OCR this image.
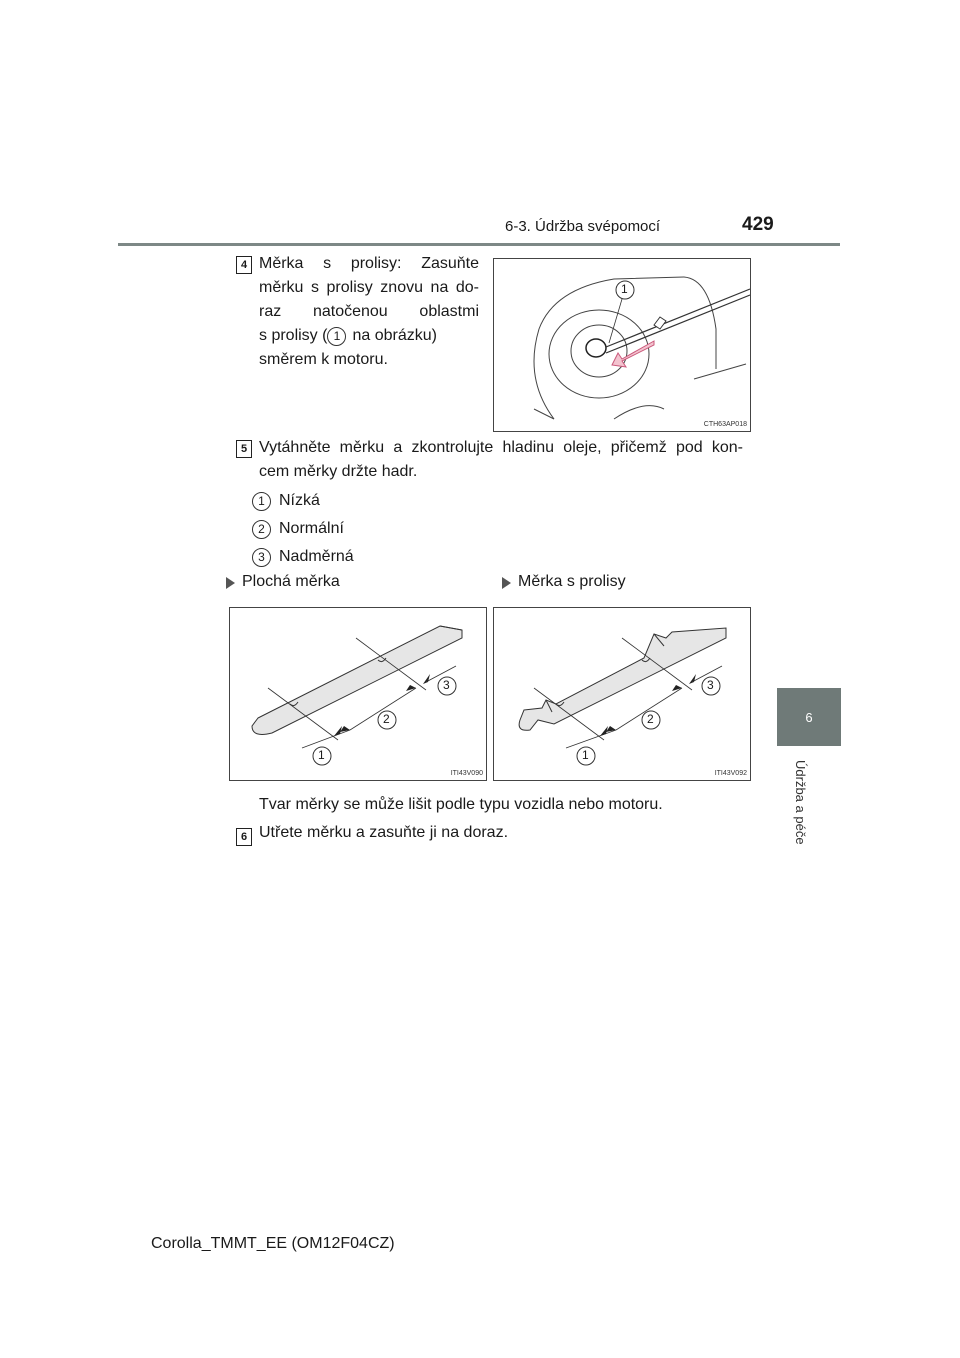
6-3. Údržba svépomocí	429
6
Údržba a péče
4 Měrka s prolisy: Zasuňte
měrku s prolisy znovu na do-
raz natočenou oblastmi
s prolisy ( 1 na obrázku)
směrem k motoru.
1
CTH63AP018
5 Vytáhněte měrku a zkontrolujte hladinu oleje, přičemž pod kon-
cem měrky držte hadr.
1 Nízká
2 Normální
3 Nadměrná
Plochá měrka	Měrka s prolisy
1
2
3
ITI43V090
1
2
3
ITI43V092
Tvar měrky se může lišit podle typu vozidla nebo motoru.
6 Utřete měrku a zasuňte ji na doraz.
Corolla_TMMT_EE (OM12F04CZ)
